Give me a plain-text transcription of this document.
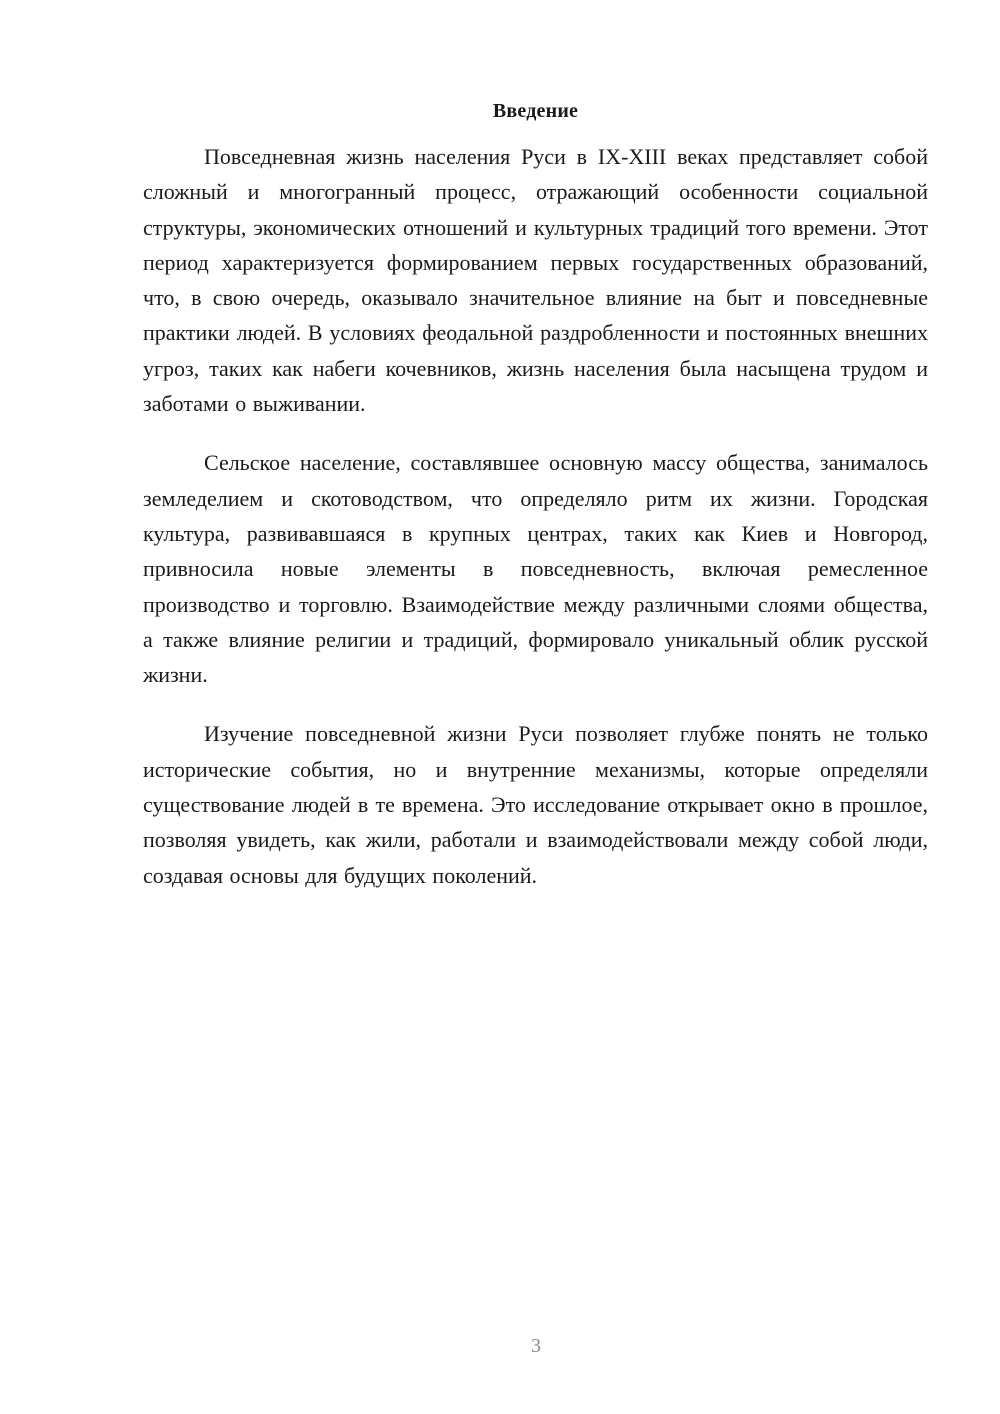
Введение

Повседневная жизнь населения Руси в IX-XIII веках представляет собой сложный и многогранный процесс, отражающий особенности социальной структуры, экономических отношений и культурных традиций того времени. Этот период характеризуется формированием первых государственных образований, что, в свою очередь, оказывало значительное влияние на быт и повседневные практики людей. В условиях феодальной раздробленности и постоянных внешних угроз, таких как набеги кочевников, жизнь населения была насыщена трудом и заботами о выживании.

Сельское население, составлявшее основную массу общества, занималось земледелием и скотоводством, что определяло ритм их жизни. Городская культура, развивавшаяся в крупных центрах, таких как Киев и Новгород, привносила новые элементы в повседневность, включая ремесленное производство и торговлю. Взаимодействие между различными слоями общества, а также влияние религии и традиций, формировало уникальный облик русской жизни.

Изучение повседневной жизни Руси позволяет глубже понять не только исторические события, но и внутренние механизмы, которые определяли существование людей в те времена. Это исследование открывает окно в прошлое, позволяя увидеть, как жили, работали и взаимодействовали между собой люди, создавая основы для будущих поколений.

3
